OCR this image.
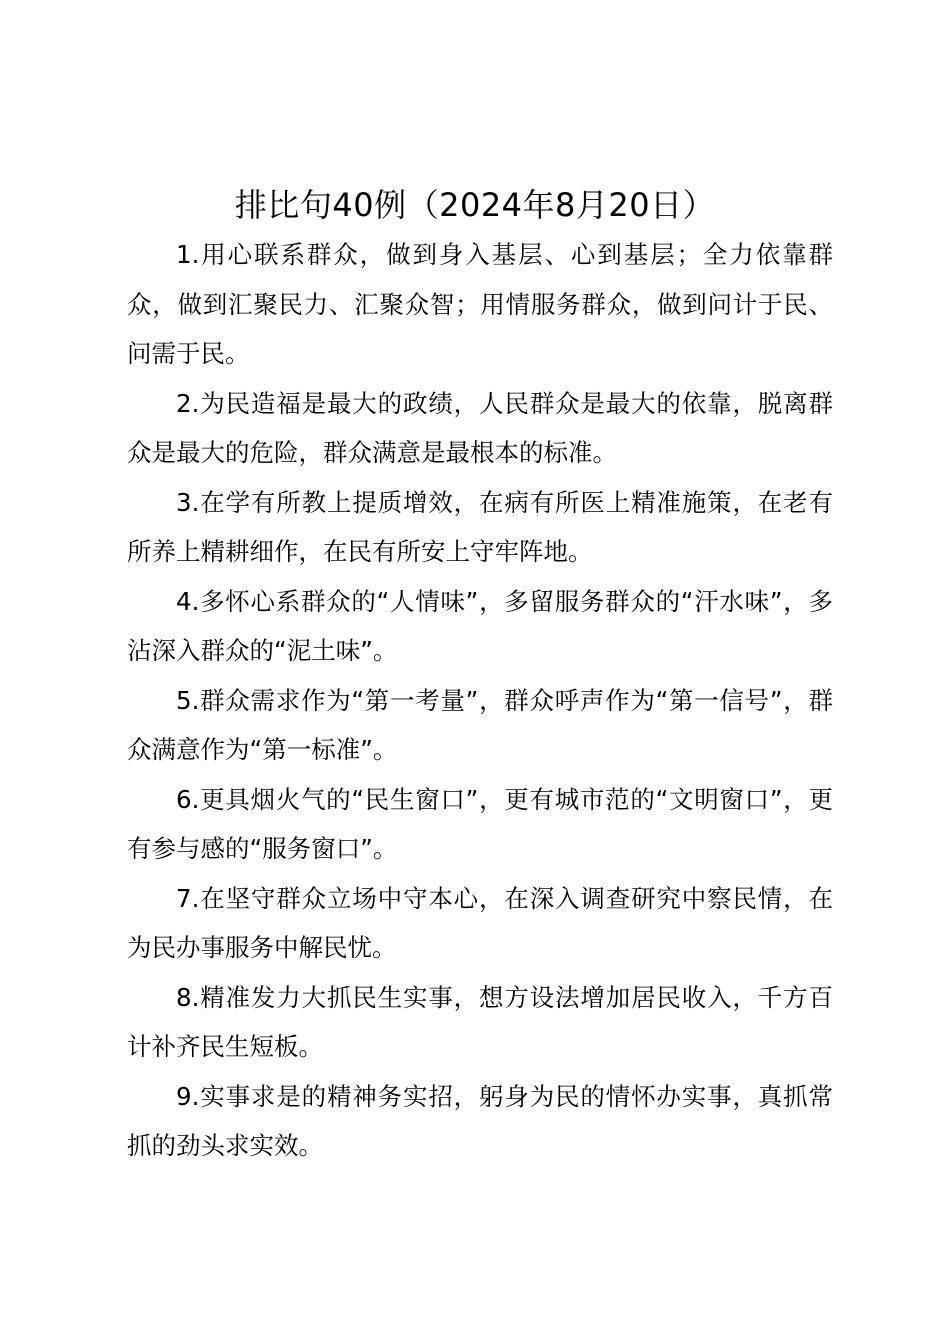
排比句40例（2024年8月20日）

1.用心联系群众，做到身入基层、心到基层；全力依靠群众，做到汇聚民力、汇聚众智；用情服务群众，做到问计于民、问需于民。

2.为民造福是最大的政绩，人民群众是最大的依靠，脱离群众是最大的危险，群众满意是最根本的标准。

3.在学有所教上提质增效，在病有所医上精准施策，在老有所养上精耕细作，在民有所安上守牢阵地。

4.多怀心系群众的“人情味”，多留服务群众的“汗水味”，多沾深入群众的“泥土味”。

5.群众需求作为“第一考量”，群众呼声作为“第一信号”，群众满意作为“第一标准”。

6.更具烟火气的“民生窗口”，更有城市范的“文明窗口”，更有参与感的“服务窗口”。

7.在坚守群众立场中守本心，在深入调查研究中察民情，在为民办事服务中解民忧。

8.精准发力大抓民生实事，想方设法增加居民收入，千方百计补齐民生短板。

9.实事求是的精神务实招，躬身为民的情怀办实事，真抓常抓的劲头求实效。
